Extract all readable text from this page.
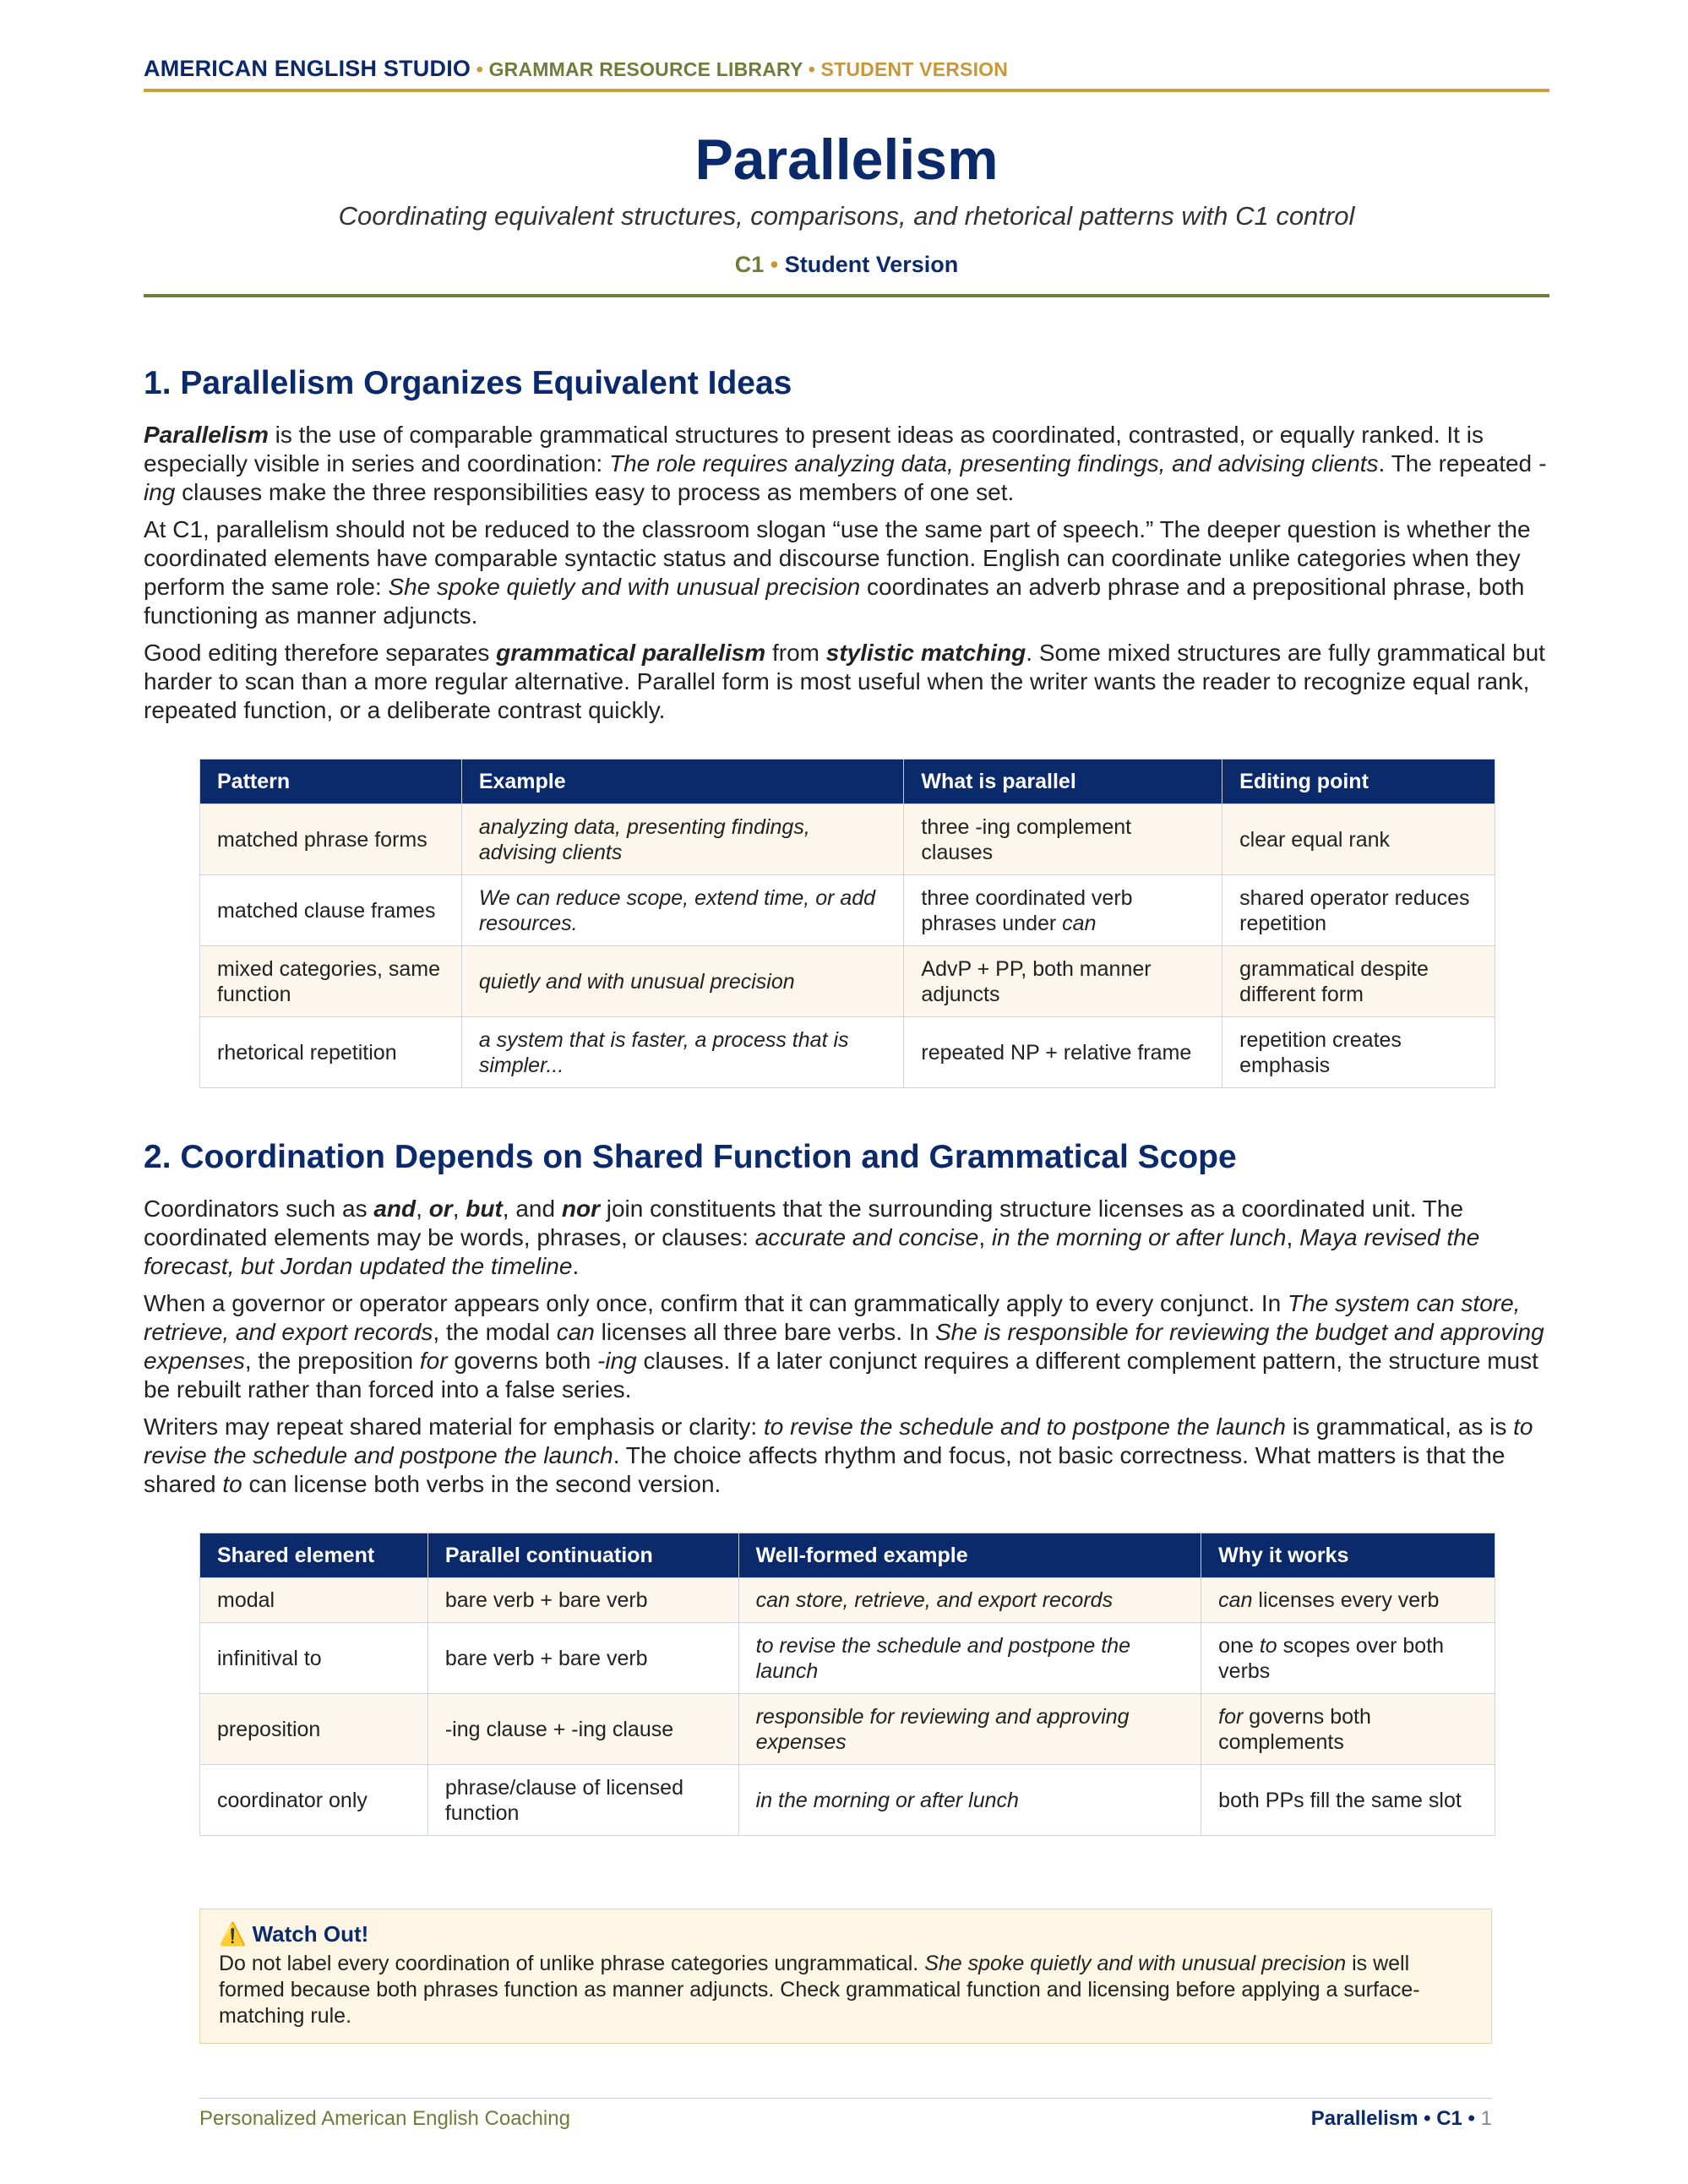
AMERICAN ENGLISH STUDIO • GRAMMAR RESOURCE LIBRARY • STUDENT VERSION
Parallelism
Coordinating equivalent structures, comparisons, and rhetorical patterns with C1 control
C1 • Student Version
1. Parallelism Organizes Equivalent Ideas

Parallelism is the use of comparable grammatical structures to present ideas as coordinated, contrasted, or equally ranked. It is especially visible in series and coordination: The role requires analyzing data, presenting findings, and advising clients. The repeated -ing clauses make the three responsibilities easy to process as members of one set.

At C1, parallelism should not be reduced to the classroom slogan “use the same part of speech.” The deeper question is whether the coordinated elements have comparable syntactic status and discourse function. English can coordinate unlike categories when they perform the same role: She spoke quietly and with unusual precision coordinates an adverb phrase and a prepositional phrase, both functioning as manner adjuncts.

Good editing therefore separates grammatical parallelism from stylistic matching. Some mixed structures are fully grammatical but harder to scan than a more regular alternative. Parallel form is most useful when the writer wants the reader to recognize equal rank, repeated function, or a deliberate contrast quickly.

Pattern	Example	What is parallel	Editing point
matched phrase forms	analyzing data, presenting findings, advising clients	three -ing complement clauses	clear equal rank
matched clause frames	We can reduce scope, extend time, or add resources.	three coordinated verb phrases under can	shared operator reduces repetition
mixed categories, same function	quietly and with unusual precision	AdvP + PP, both manner adjuncts	grammatical despite different form
rhetorical repetition	a system that is faster, a process that is simpler...	repeated NP + relative frame	repetition creates emphasis
2. Coordination Depends on Shared Function and Grammatical Scope

Coordinators such as and, or, but, and nor join constituents that the surrounding structure licenses as a coordinated unit. The coordinated elements may be words, phrases, or clauses: accurate and concise, in the morning or after lunch, Maya revised the forecast, but Jordan updated the timeline.

When a governor or operator appears only once, confirm that it can grammatically apply to every conjunct. In The system can store, retrieve, and export records, the modal can licenses all three bare verbs. In She is responsible for reviewing the budget and approving expenses, the preposition for governs both -ing clauses. If a later conjunct requires a different complement pattern, the structure must be rebuilt rather than forced into a false series.

Writers may repeat shared material for emphasis or clarity: to revise the schedule and to postpone the launch is grammatical, as is to revise the schedule and postpone the launch. The choice affects rhythm and focus, not basic correctness. What matters is that the shared to can license both verbs in the second version.

Shared element	Parallel continuation	Well-formed example	Why it works
modal	bare verb + bare verb	can store, retrieve, and export records	can licenses every verb
infinitival to	bare verb + bare verb	to revise the schedule and postpone the launch	one to scopes over both verbs
preposition	-ing clause + -ing clause	responsible for reviewing and approving expenses	for governs both complements
coordinator only	phrase/clause of licensed function	in the morning or after lunch	both PPs fill the same slot
⚠️ Watch Out!

Do not label every coordination of unlike phrase categories ungrammatical. She spoke quietly and with unusual precision is well formed because both phrases function as manner adjuncts. Check grammatical function and licensing before applying a surface-matching rule.

Personalized American English Coaching	Parallelism • C1 • 1
